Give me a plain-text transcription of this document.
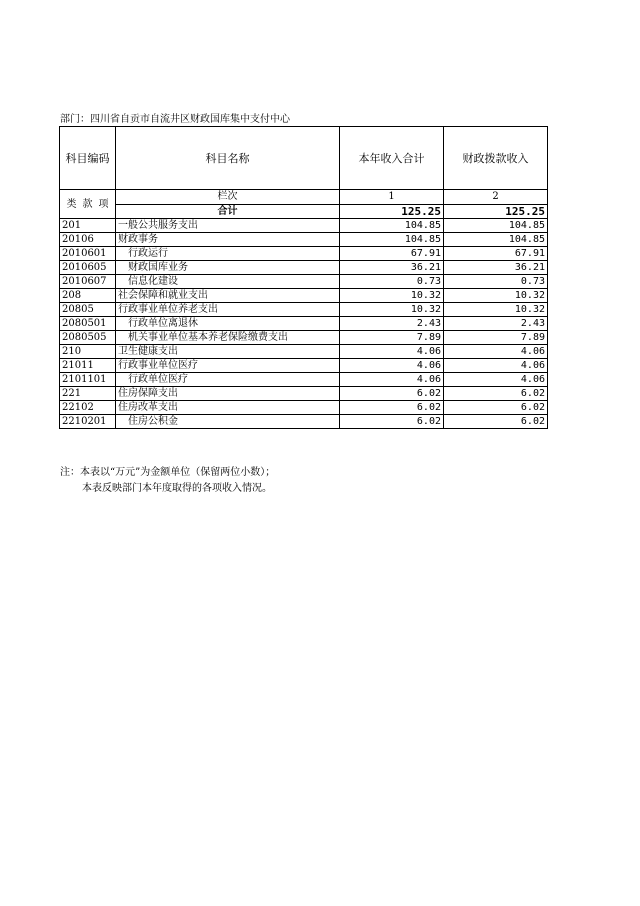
部门：四川省自贡市自流井区财政国库集中支付中心
科目编码	科目名称	本年收入合计	财政拨款收入
类 款 项	栏次	1	2
	合计	125.25	125.25
201	一般公共服务支出	104.85	104.85
20106	财政事务	104.85	104.85
2010601	行政运行	67.91	67.91
2010605	财政国库业务	36.21	36.21
2010607	信息化建设	0.73	0.73
208	社会保障和就业支出	10.32	10.32
20805	行政事业单位养老支出	10.32	10.32
2080501	行政单位离退休	2.43	2.43
2080505	机关事业单位基本养老保险缴费支出	7.89	7.89
210	卫生健康支出	4.06	4.06
21011	行政事业单位医疗	4.06	4.06
2101101	行政单位医疗	4.06	4.06
221	住房保障支出	6.02	6.02
22102	住房改革支出	6.02	6.02
2210201	住房公积金	6.02	6.02
注：本表以“万元”为金额单位（保留两位小数）；
本表反映部门本年度取得的各项收入情况。
